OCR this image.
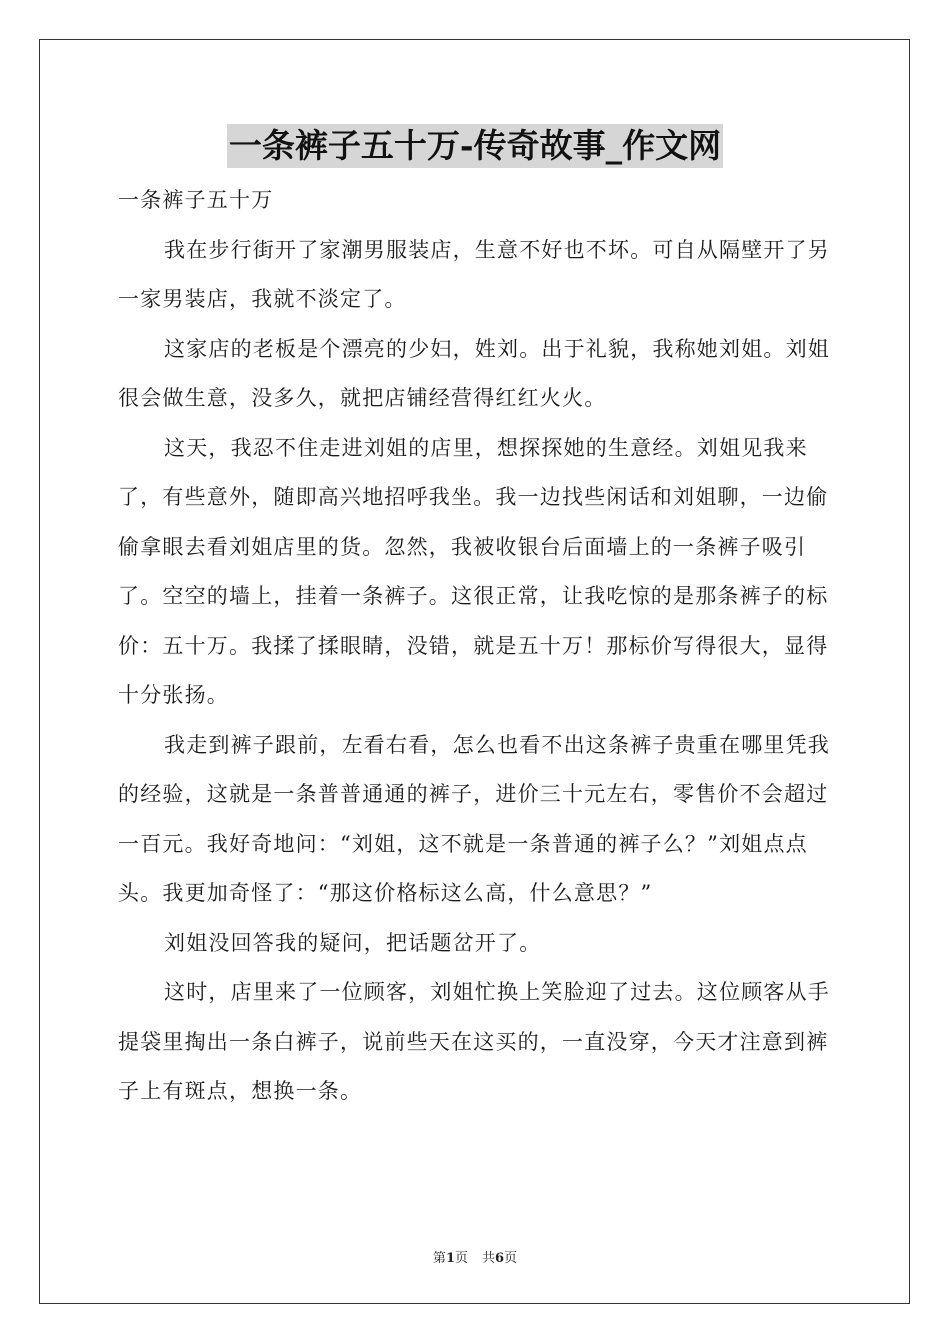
一条裤子五十万-传奇故事_作文网

一条裤子五十万

我在步行街开了家潮男服装店，生意不好也不坏。可自从隔壁开了另一家男装店，我就不淡定了。

这家店的老板是个漂亮的少妇，姓刘。出于礼貌，我称她刘姐。刘姐很会做生意，没多久，就把店铺经营得红红火火。

这天，我忍不住走进刘姐的店里，想探探她的生意经。刘姐见我来了，有些意外，随即高兴地招呼我坐。我一边找些闲话和刘姐聊，一边偷偷拿眼去看刘姐店里的货。忽然，我被收银台后面墙上的一条裤子吸引了。空空的墙上，挂着一条裤子。这很正常，让我吃惊的是那条裤子的标价：五十万。我揉了揉眼睛，没错，就是五十万！那标价写得很大，显得十分张扬。

我走到裤子跟前，左看右看，怎么也看不出这条裤子贵重在哪里凭我的经验，这就是一条普普通通的裤子，进价三十元左右，零售价不会超过一百元。我好奇地问：“刘姐，这不就是一条普通的裤子么？”刘姐点点头。我更加奇怪了：“那这价格标这么高，什么意思？”

刘姐没回答我的疑问，把话题岔开了。

这时，店里来了一位顾客，刘姐忙换上笑脸迎了过去。这位顾客从手提袋里掏出一条白裤子，说前些天在这买的，一直没穿，今天才注意到裤子上有斑点，想换一条。

第1页 共6页
